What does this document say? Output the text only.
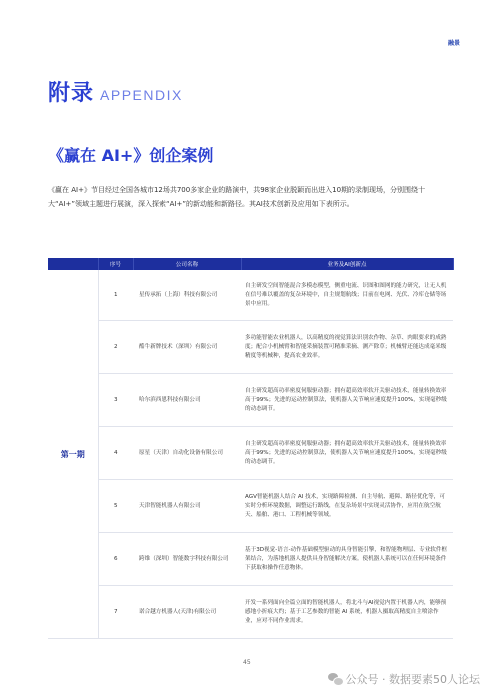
融景
附录 APPENDIX
《赢在 AI+》创企案例

《赢在 AI+》节目经过全国各城市12场共700多家企业的路演中，共98家企业脱颖而出进入10期的录制现场，分别围绕十大“AI+”领域主题进行展演，深入探索“AI+”的新动能和新路径。其AI技术创新及应用如下表所示。

	序号	公司名称	业务及AI创新点
第一期	1	星传承拓（上海）科技有限公司	自主研发空间智能混合多模态模型，侧重电流、识图和图网的能力研究，让无人机在信号难以覆盖的复杂环境中，自主规划航线；目前在电网、光伏、冷库仓储等场景中应用。
	2	酷牛新牌技术（深圳）有限公司	多功能智能农业机器人，以高精度的视觉算法识别农作物、杂草、肉眼要求的成熟度；配合小机械臂和智能采摘装置可精准采摘、测产除草；机械臂还能达成毫米级精度等机械种，提高农业效率。
	3	哈尔滨西恩科技有限公司	自主研发超高功率密度伺服驱动器；拥有超高效率软开关驱动技术，能量转换效率高于99%；先进的运动控制算法，使机器人关节响应速度提升100%，实现毫秒级的动态调节。
	4	原星（天津）自动化设备有限公司	自主研发超高功率密度伺服驱动器；拥有超高效率软开关驱动技术，能量转换效率高于99%；先进的运动控制算法，使机器人关节响应速度提升100%，实现毫秒级的动态调节。
	5	天津智能机器人有限公司	AGV智能机器人结合 AI 技术，实现路障检测、自主导航、避障、路径优化等，可实时分析环境数据，调整运行路线，在复杂场景中实现灵活协作，应用在航空航天、船舶、港口、工程机械等领域。
	6	跨维（深圳）智能数字科技有限公司	基于3D视觉-语言-动作基础模型驱动的具身智能引擎，和智能物理层、专业软件框架结合，为落地机器人提供具身智能解决方案。使机器人系统可以在任何环境条件下获取和操作任意物体。
	7	诺合越方机器人(天津)有限公司	开发一系列面向全篇立面的智能机器人，将北斗与AI视觉内置于机器人内，能够预感地小折痕大约；基于工艺参数的智能 AI 系统，机器人摄取高精度自主喷涂作业，应对不同作业需求。
45
公众号 · 数据要素50人论坛
